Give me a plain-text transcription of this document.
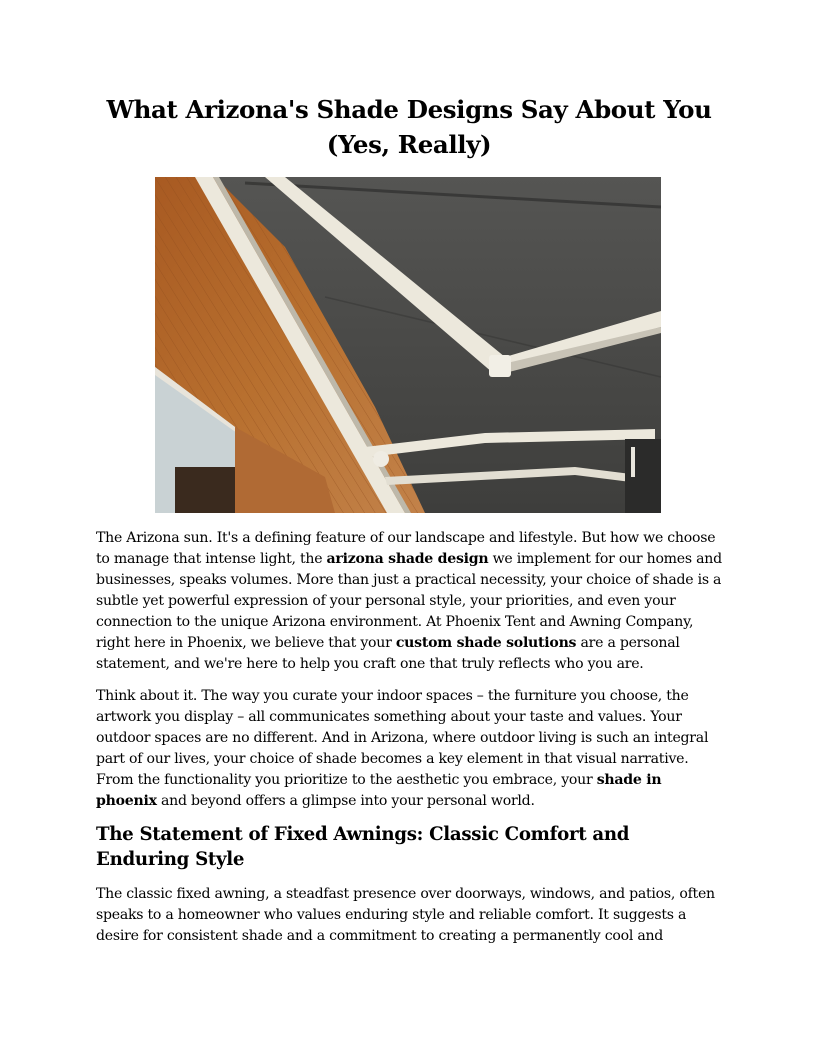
What Arizona's Shade Designs Say About You (Yes, Really)

The Arizona sun. It's a defining feature of our landscape and lifestyle. But how we choose to manage that intense light, the arizona shade design we implement for our homes and businesses, speaks volumes. More than just a practical necessity, your choice of shade is a subtle yet powerful expression of your personal style, your priorities, and even your connection to the unique Arizona environment. At Phoenix Tent and Awning Company, right here in Phoenix, we believe that your custom shade solutions are a personal statement, and we're here to help you craft one that truly reflects who you are.

Think about it. The way you curate your indoor spaces – the furniture you choose, the artwork you display – all communicates something about your taste and values. Your outdoor spaces are no different. And in Arizona, where outdoor living is such an integral part of our lives, your choice of shade becomes a key element in that visual narrative. From the functionality you prioritize to the aesthetic you embrace, your shade in phoenix and beyond offers a glimpse into your personal world.

The Statement of Fixed Awnings: Classic Comfort and Enduring Style

The classic fixed awning, a steadfast presence over doorways, windows, and patios, often speaks to a homeowner who values enduring style and reliable comfort. It suggests a desire for consistent shade and a commitment to creating a permanently cool and
